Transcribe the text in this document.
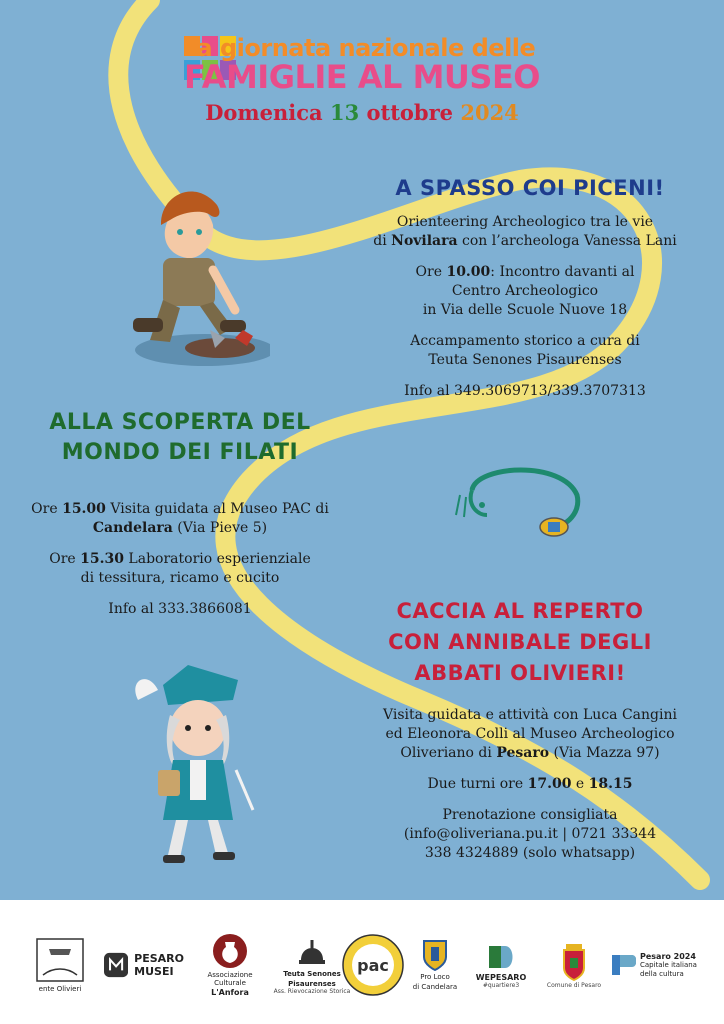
la giornata nazionale delle
FAMIGLIE AL MUSEO
Domenica 13 ottobre 2024
A SPASSO COI PICENI!

Orienteering Archeologico tra le vie

di Novilara con l’archeologa Vanessa Lani

Ore 10.00: Incontro davanti al

Centro Archeologico

in Via delle Scuole Nuove 18

Accampamento storico a cura di

Teuta Senones Pisaurenses

Info al 349.3069713/339.3707313

ALLA SCOPERTA DEL
MONDO DEI FILATI

Ore 15.00 Visita guidata al Museo PAC di

Candelara (Via Pieve 5)

Ore 15.30 Laboratorio esperienziale

di tessitura, ricamo e cucito

Info al 333.3866081	CACCIA AL REPERTO
CON ANNIBALE DEGLI
ABBATI OLIVIERI!

Visita guidata e attività con Luca Cangini

ed Eleonora Colli al Museo Archeologico

Oliveriano di Pesaro (Via Mazza 97)

Due turni ore 17.00 e 18.15

Prenotazione consigliata

(info@oliveriana.pu.it | 0721 33344

338 4324889 (solo whatsapp)

ente Olivieri
PESARO
MUSEI	Associazione Culturale
L'Anfora
Teuta Senones
Pisaurenses
Ass. Rievocazione Storica
pac
Pro Loco
di Candelara
WEPESARO
#quartiere3	Comune di Pesaro
Pesaro 2024
Capitale italiana
della cultura
